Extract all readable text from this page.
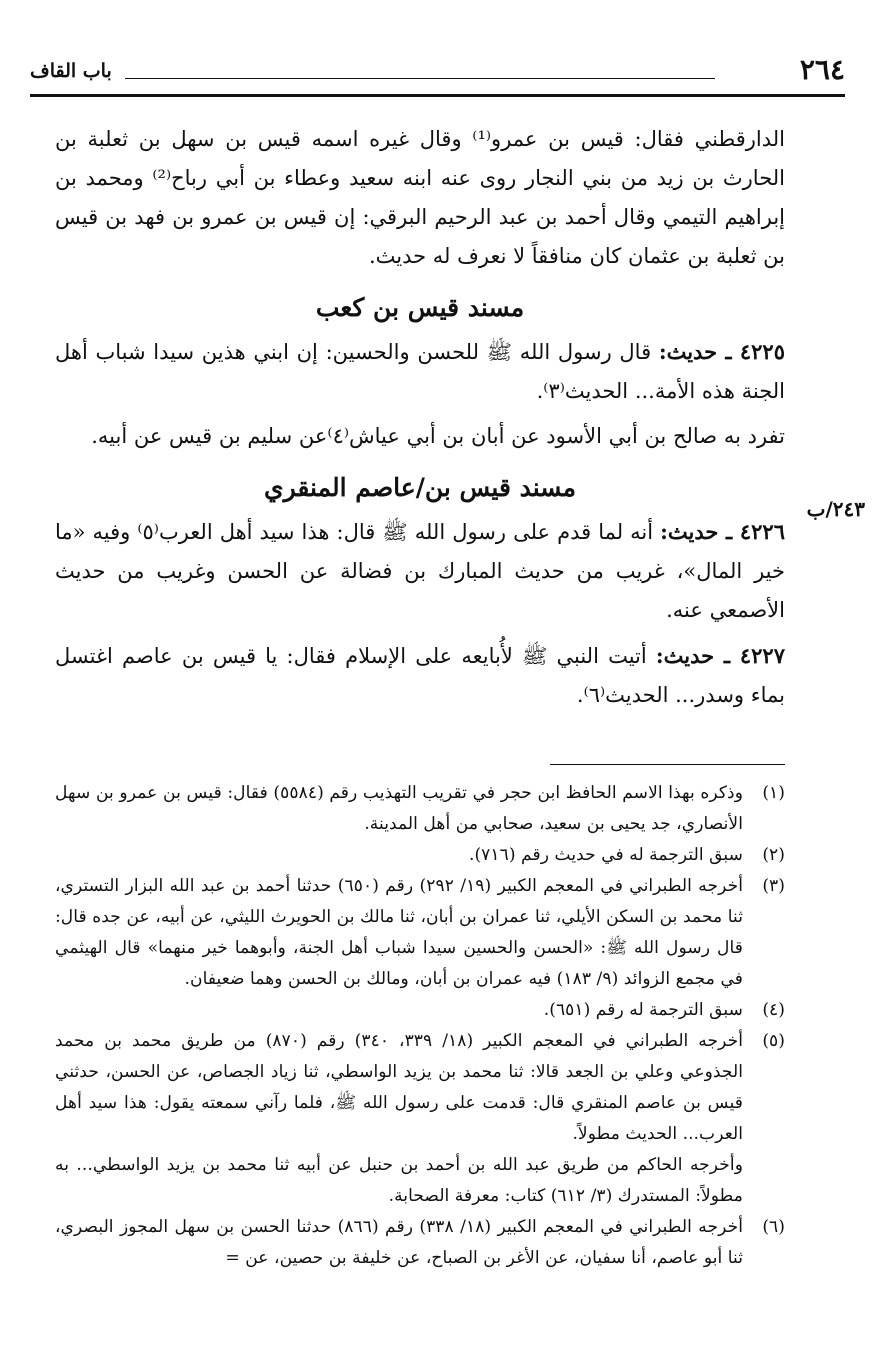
٢٦٤
باب القاف
٢٤٣/ب

الدارقطني فقال: قيس بن عمرو⁽¹⁾ وقال غيره اسمه قيس بن سهل بن ثعلبة بن الحارث بن زيد من بني النجار روى عنه ابنه سعيد وعطاء بن أبي رباح⁽²⁾ ومحمد بن إبراهيم التيمي وقال أحمد بن عبد الرحيم البرقي: إن قيس بن عمرو بن فهد بن قيس بن ثعلبة بن عثمان كان منافقاً لا نعرف له حديث.

مسند قيس بن كعب

٤٢٢٥ ـ حديث: قال رسول الله ﷺ للحسن والحسين: إن ابني هذين سيدا شباب أهل الجنة هذه الأمة... الحديث⁽٣⁾.

تفرد به صالح بن أبي الأسود عن أبان بن أبي عياش⁽٤⁾عن سليم بن قيس عن أبيه.

مسند قيس بن/عاصم المنقري

٤٢٢٦ ـ حديث: أنه لما قدم على رسول الله ﷺ قال: هذا سيد أهل العرب⁽٥⁾ وفيه «ما خير المال»، غريب من حديث المبارك بن فضالة عن الحسن وغريب من حديث الأصمعي عنه.

٤٢٢٧ ـ حديث: أتيت النبي ﷺ لأُبايعه على الإسلام فقال: يا قيس بن عاصم اغتسل بماء وسدر... الحديث⁽٦⁾.

(١)
وذكره بهذا الاسم الحافظ ابن حجر في تقريب التهذيب رقم (٥٥٨٤) فقال: قيس بن عمرو بن سهل الأنصاري، جد يحيى بن سعيد، صحابي من أهل المدينة.
(٢)
سبق الترجمة له في حديث رقم (٧١٦).
(٣)
أخرجه الطبراني في المعجم الكبير (١٩/ ٢٩٢) رقم (٦٥٠) حدثنا أحمد بن عبد الله البزار التستري، ثنا محمد بن السكن الأيلي، ثنا عمران بن أبان، ثنا مالك بن الحويرث الليثي، عن أبيه، عن جده قال: قال رسول الله ﷺ: «الحسن والحسين سيدا شباب أهل الجنة، وأبوهما خير منهما» قال الهيثمي في مجمع الزوائد (٩/ ١٨٣) فيه عمران بن أبان، ومالك بن الحسن وهما ضعيفان.
(٤)
سبق الترجمة له رقم (٦٥١).
(٥)
أخرجه الطبراني في المعجم الكبير (١٨/ ٣٣٩، ٣٤٠) رقم (٨٧٠) من طريق محمد بن محمد الجذوعي وعلي بن الجعد قالا: ثنا محمد بن يزيد الواسطي، ثنا زياد الجصاص، عن الحسن، حدثني قيس بن عاصم المنقري قال: قدمت على رسول الله ﷺ، فلما رآني سمعته يقول: هذا سيد أهل العرب... الحديث مطولاً.

وأخرجه الحاكم من طريق عبد الله بن أحمد بن حنبل عن أبيه ثنا محمد بن يزيد الواسطي... به مطولاً: المستدرك (٣/ ٦١٢) كتاب: معرفة الصحابة.

(٦)
أخرجه الطبراني في المعجم الكبير (١٨/ ٣٣٨) رقم (٨٦٦) حدثنا الحسن بن سهل المجوز البصري، ثنا أبو عاصم، أنا سفيان، عن الأغر بن الصباح، عن خليفة بن حصين، عن =
